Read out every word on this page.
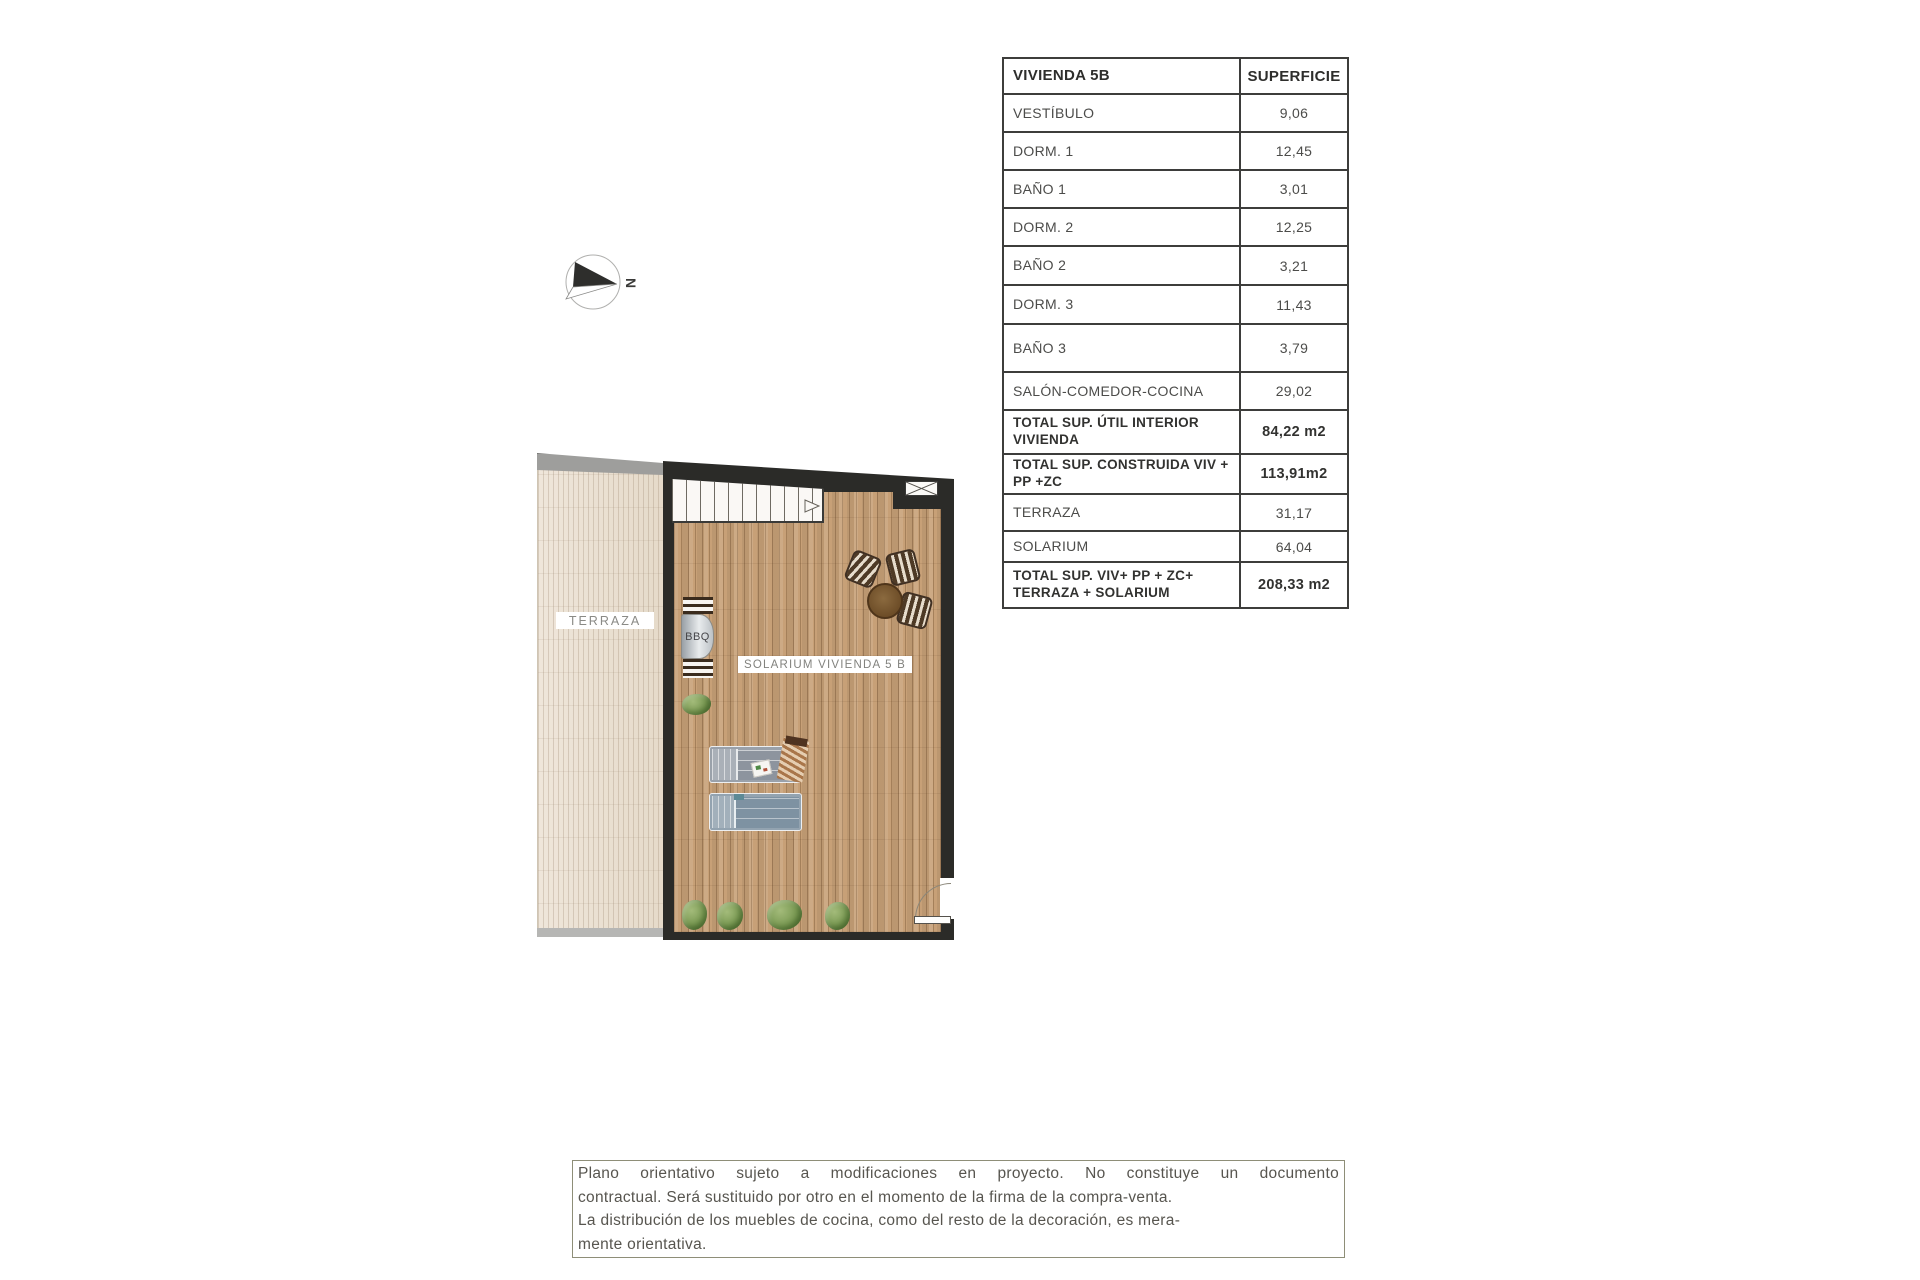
VIVIENDA 5B	SUPERFICIE
VESTÍBULO	9,06
DORM. 1	12,45
BAÑO 1	3,01
DORM. 2	12,25
BAÑO 2	3,21
DORM. 3	11,43
BAÑO 3	3,79
SALÓN-COMEDOR-COCINA	29,02
TOTAL SUP. ÚTIL INTERIOR VIVIENDA	84,22 m2
TOTAL SUP. CONSTRUIDA VIV + PP +ZC	113,91m2
TERRAZA	31,17
SOLARIUM	64,04
TOTAL SUP. VIV+ PP + ZC+ TERRAZA + SOLARIUM	208,33 m2
N
BBQ
SOLARIUM VIVIENDA 5 B
TERRAZA
Plano orientativo sujeto a modificaciones en proyecto. No constituye un documento
contractual. Será sustituido por otro en el momento de la firma de la compra-venta.
La distribución de los muebles de cocina, como del resto de la decoración, es mera-
mente orientativa.
